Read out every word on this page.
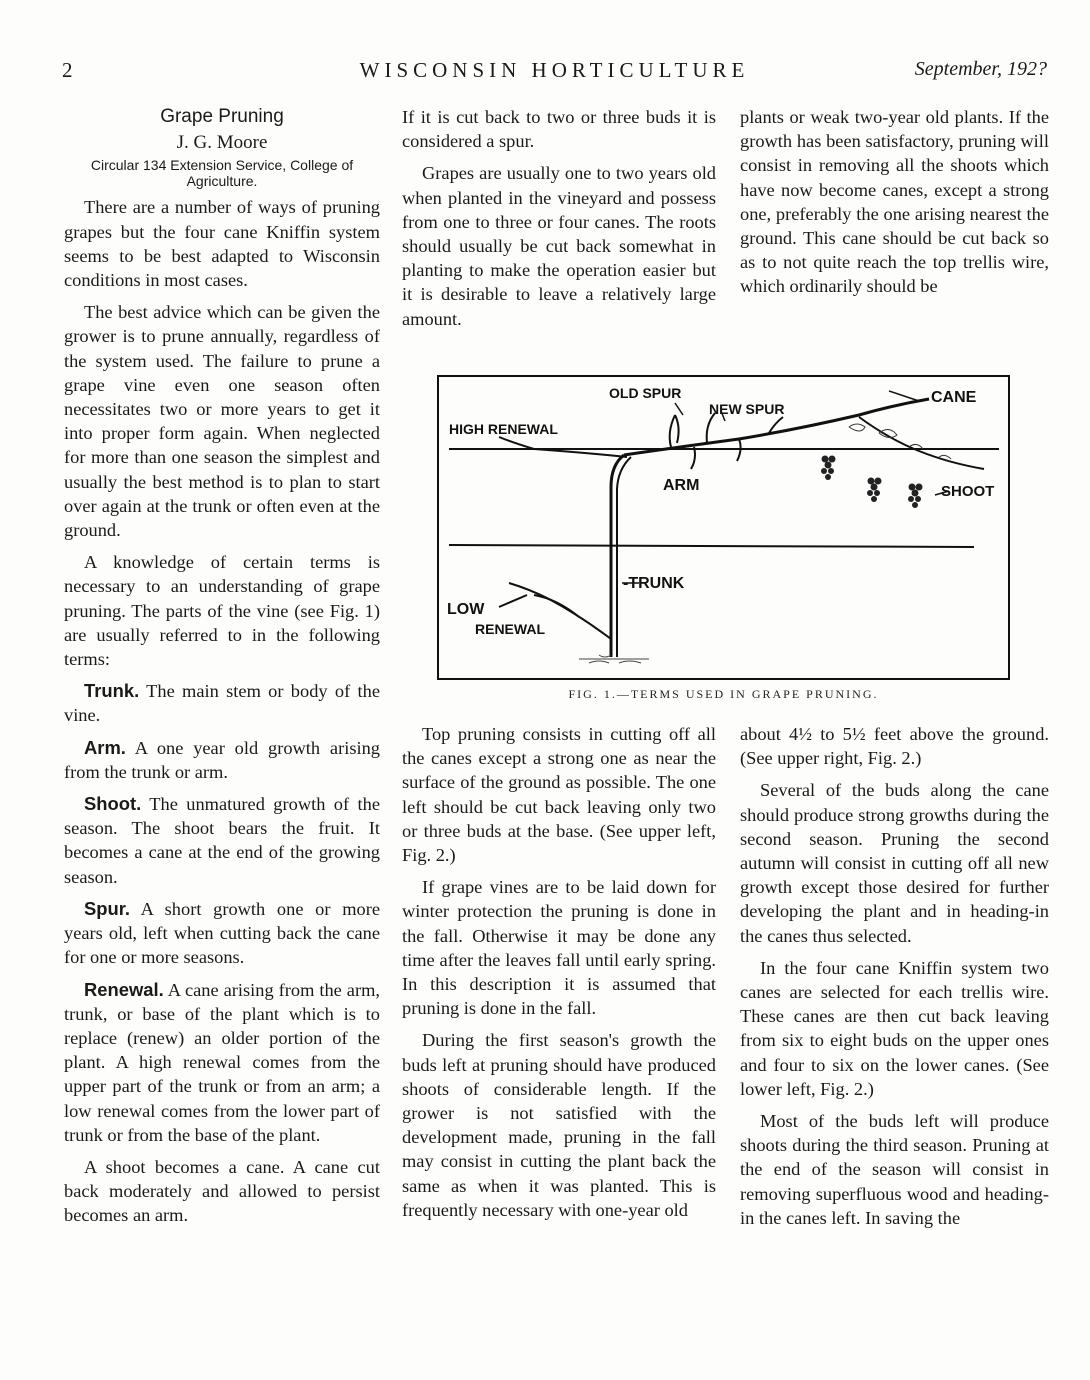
2	WISCONSIN HORTICULTURE	September, 192?
Grape Pruning
J. G. Moore
Circular 134 Extension Service, College of Agriculture.

There are a number of ways of pruning grapes but the four cane Kniffin system seems to be best adapted to Wisconsin conditions in most cases.

The best advice which can be given the grower is to prune annually, regardless of the system used. The failure to prune a grape vine even one season often necessitates two or more years to get it into proper form again. When neglected for more than one season the simplest and usually the best method is to plan to start over again at the trunk or often even at the ground.

A knowledge of certain terms is necessary to an understanding of grape pruning. The parts of the vine (see Fig. 1) are usually referred to in the following terms:

Trunk. The main stem or body of the vine.

Arm. A one year old growth arising from the trunk or arm.

Shoot. The unmatured growth of the season. The shoot bears the fruit. It becomes a cane at the end of the growing season.

Spur. A short growth one or more years old, left when cutting back the cane for one or more seasons.

Renewal. A cane arising from the arm, trunk, or base of the plant which is to replace (renew) an older portion of the plant. A high renewal comes from the upper part of the trunk or from an arm; a low renewal comes from the lower part of trunk or from the base of the plant.

A shoot becomes a cane. A cane cut back moderately and allowed to persist becomes an arm.

If it is cut back to two or three buds it is considered a spur.

Grapes are usually one to two years old when planted in the vineyard and possess from one to three or four canes. The roots should usually be cut back somewhat in planting to make the operation easier but it is desirable to leave a relatively large amount.

plants or weak two-year old plants. If the growth has been satisfactory, pruning will consist in removing all the shoots which have now become canes, except a strong one, preferably the one arising nearest the ground. This cane should be cut back so as to not quite reach the top trellis wire, which ordinarily should be

OLD SPUR
NEW SPUR
CANE
HIGH RENEWAL
ARM	SHOOT
-TRUNK
LOW
RENEWAL
FIG. 1.—TERMS USED IN GRAPE PRUNING.

Top pruning consists in cutting off all the canes except a strong one as near the surface of the ground as possible. The one left should be cut back leaving only two or three buds at the base. (See upper left, Fig. 2.)

If grape vines are to be laid down for winter protection the pruning is done in the fall. Otherwise it may be done any time after the leaves fall until early spring. In this description it is assumed that pruning is done in the fall.

During the first season's growth the buds left at pruning should have produced shoots of considerable length. If the grower is not satisfied with the development made, pruning in the fall may consist in cutting the plant back the same as when it was planted. This is frequently necessary with one-year old

about 4½ to 5½ feet above the ground. (See upper right, Fig. 2.)

Several of the buds along the cane should produce strong growths during the second season. Pruning the second autumn will consist in cutting off all new growth except those desired for further developing the plant and in heading-in the canes thus selected.

In the four cane Kniffin system two canes are selected for each trellis wire. These canes are then cut back leaving from six to eight buds on the upper ones and four to six on the lower canes. (See lower left, Fig. 2.)

Most of the buds left will produce shoots during the third season. Pruning at the end of the season will consist in removing superfluous wood and heading-in the canes left. In saving the
